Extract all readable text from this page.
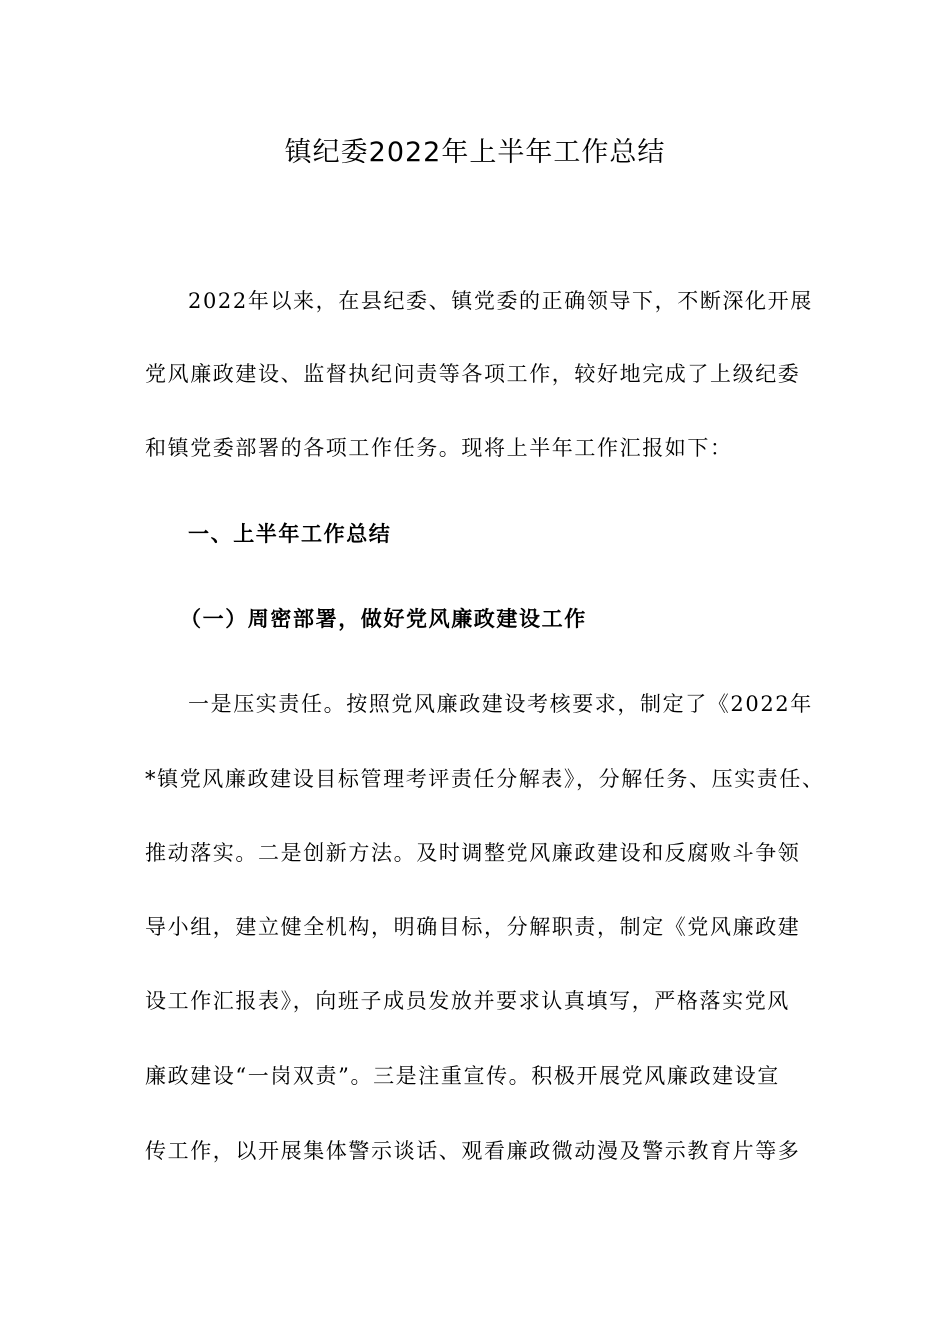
镇纪委2022年上半年工作总结
2022年以来，在县纪委、镇党委的正确领导下，不断深化开展
党风廉政建设、监督执纪问责等各项工作，较好地完成了上级纪委
和镇党委部署的各项工作任务。现将上半年工作汇报如下：
一、上半年工作总结
（一）周密部署，做好党风廉政建设工作
一是压实责任。按照党风廉政建设考核要求，制定了《2022年
*镇党风廉政建设目标管理考评责任分解表》，分解任务、压实责任、
推动落实。二是创新方法。及时调整党风廉政建设和反腐败斗争领
导小组，建立健全机构，明确目标，分解职责，制定《党风廉政建
设工作汇报表》，向班子成员发放并要求认真填写，严格落实党风
廉政建设“一岗双责”。三是注重宣传。积极开展党风廉政建设宣
传工作，以开展集体警示谈话、观看廉政微动漫及警示教育片等多
